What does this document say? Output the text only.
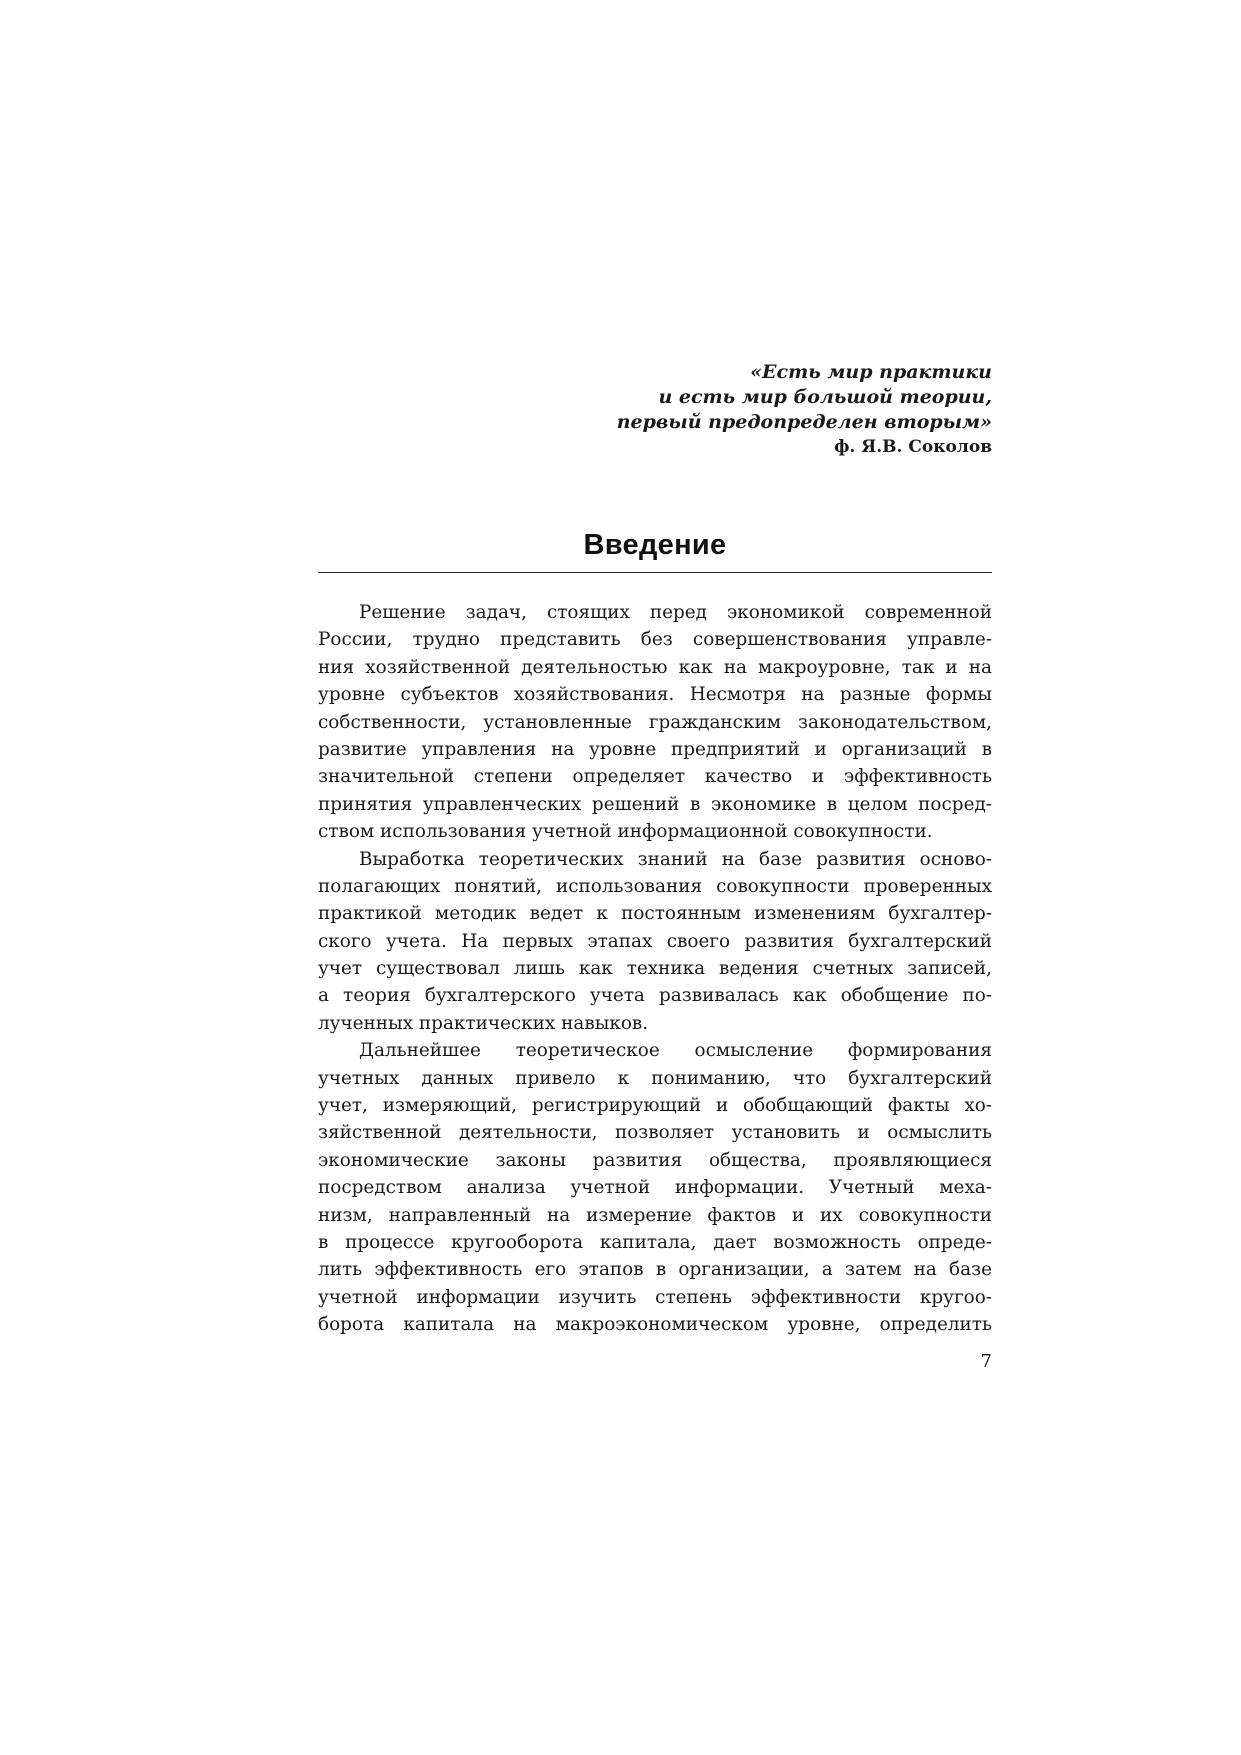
«Есть мир практики
и есть мир большой теории,
первый предопределен вторым»
ф. Я.В. Соколов
Введение
Решение задач, стоящих перед экономикой современной
России, трудно представить без совершенствования управле-
ния хозяйственной деятельностью как на макроуровне, так и на
уровне субъектов хозяйствования. Несмотря на разные формы
собственности, установленные гражданским законодательством,
развитие управления на уровне предприятий и организаций в
значительной степени определяет качество и эффективность
принятия управленческих решений в экономике в целом посред-
ством использования учетной информационной совокупности.
Выработка теоретических знаний на базе развития осново-
полагающих понятий, использования совокупности проверенных
практикой методик ведет к постоянным изменениям бухгалтер-
ского учета. На первых этапах своего развития бухгалтерский
учет существовал лишь как техника ведения счетных записей,
а теория бухгалтерского учета развивалась как обобщение по-
лученных практических навыков.
Дальнейшее теоретическое осмысление формирования
учетных данных привело к пониманию, что бухгалтерский
учет, измеряющий, регистрирующий и обобщающий факты хо-
зяйственной деятельности, позволяет установить и осмыслить
экономические законы развития общества, проявляющиеся
посредством анализа учетной информации. Учетный меха-
низм, направленный на измерение фактов и их совокупности
в процессе кругооборота капитала, дает возможность опреде-
лить эффективность его этапов в организации, а затем на базе
учетной информации изучить степень эффективности кругоо-
борота капитала на макроэкономическом уровне, определить
7
